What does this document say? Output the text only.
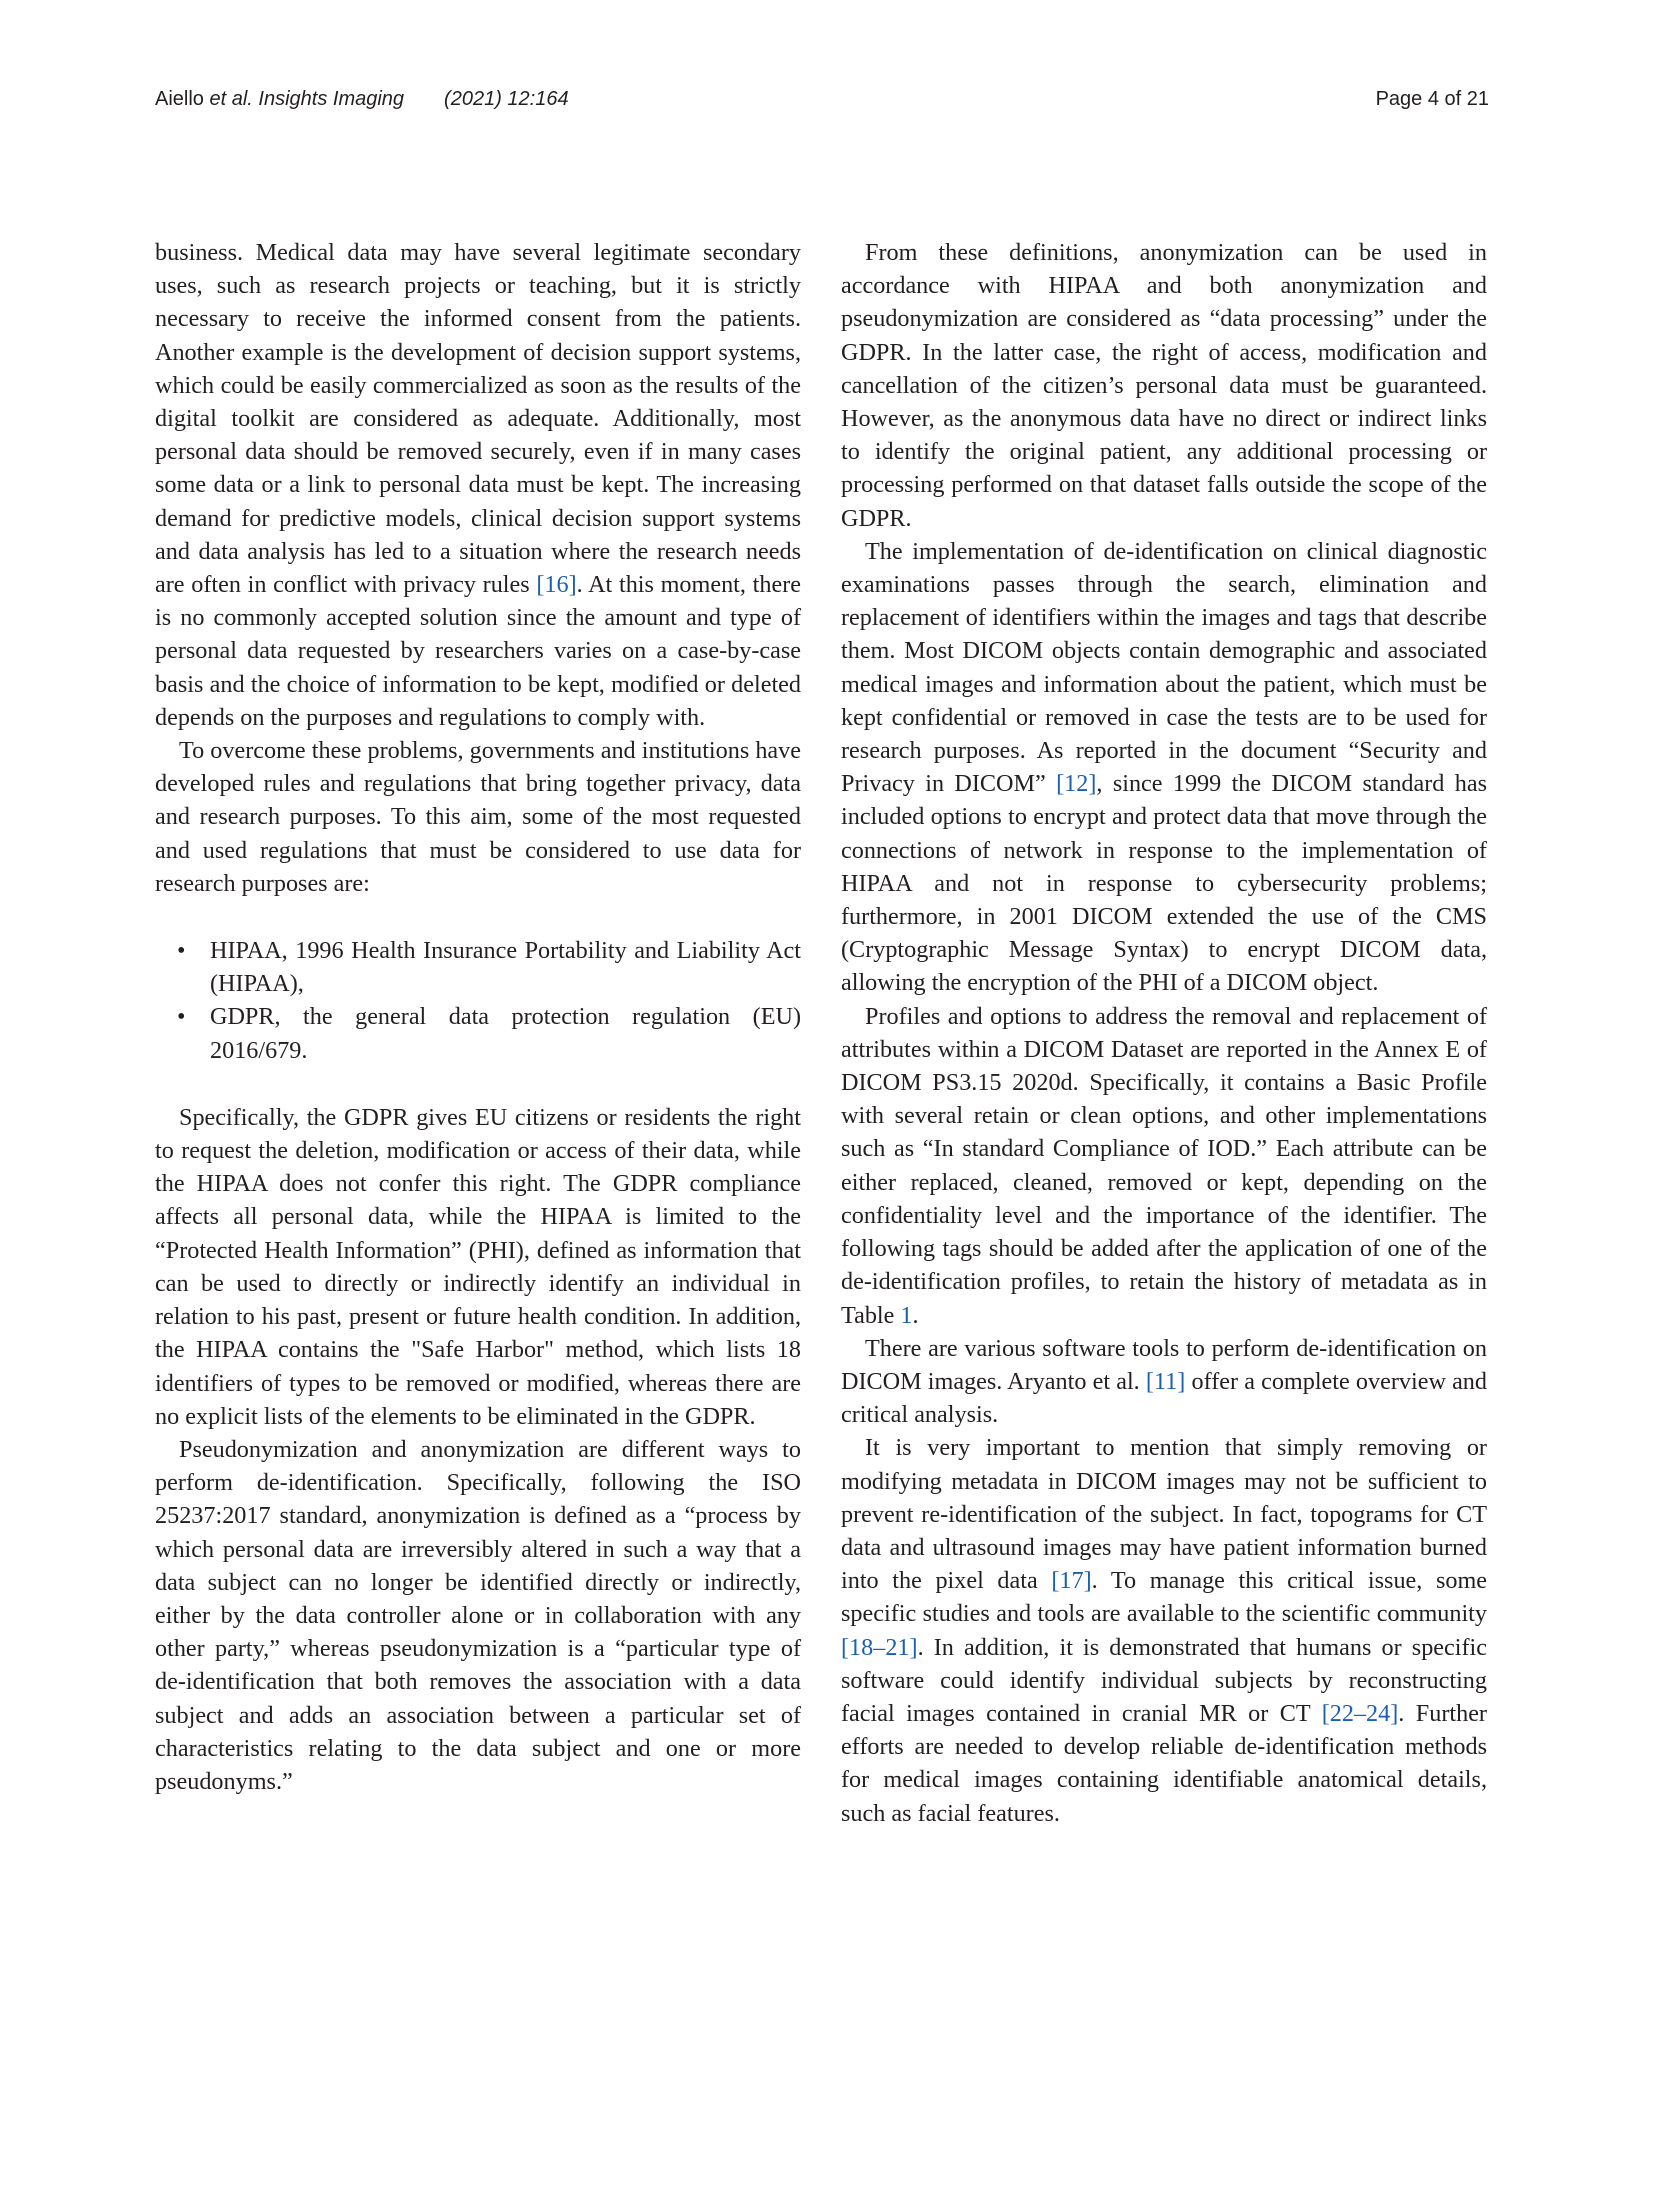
Aiello et al. Insights Imaging (2021) 12:164	Page 4 of 21

business. Medical data may have several legitimate secondary uses, such as research projects or teaching, but it is strictly necessary to receive the informed consent from the patients. Another example is the development of decision support systems, which could be easily commercialized as soon as the results of the digital toolkit are considered as adequate. Additionally, most personal data should be removed securely, even if in many cases some data or a link to personal data must be kept. The increasing demand for predictive models, clinical decision support systems and data analysis has led to a situation where the research needs are often in conflict with privacy rules [16]. At this moment, there is no commonly accepted solution since the amount and type of personal data requested by researchers varies on a case-by-case basis and the choice of information to be kept, modified or deleted depends on the purposes and regulations to comply with.

To overcome these problems, governments and institutions have developed rules and regulations that bring together privacy, data and research purposes. To this aim, some of the most requested and used regulations that must be considered to use data for research purposes are:

• HIPAA, 1996 Health Insurance Portability and Liability Act (HIPAA),
• GDPR, the general data protection regulation (EU) 2016/679.

Specifically, the GDPR gives EU citizens or residents the right to request the deletion, modification or access of their data, while the HIPAA does not confer this right. The GDPR compliance affects all personal data, while the HIPAA is limited to the “Protected Health Information” (PHI), defined as information that can be used to directly or indirectly identify an individual in relation to his past, present or future health condition. In addition, the HIPAA contains the "Safe Harbor" method, which lists 18 identifiers of types to be removed or modified, whereas there are no explicit lists of the elements to be eliminated in the GDPR.

Pseudonymization and anonymization are different ways to perform de-identification. Specifically, following the ISO 25237:2017 standard, anonymization is defined as a “process by which personal data are irreversibly altered in such a way that a data subject can no longer be identified directly or indirectly, either by the data controller alone or in collaboration with any other party,” whereas pseudonymization is a “particular type of de-identification that both removes the association with a data subject and adds an association between a particular set of characteristics relating to the data subject and one or more pseudonyms.”

From these definitions, anonymization can be used in accordance with HIPAA and both anonymization and pseudonymization are considered as “data processing” under the GDPR. In the latter case, the right of access, modification and cancellation of the citizen’s personal data must be guaranteed. However, as the anonymous data have no direct or indirect links to identify the original patient, any additional processing or processing performed on that dataset falls outside the scope of the GDPR.

The implementation of de-identification on clinical diagnostic examinations passes through the search, elimination and replacement of identifiers within the images and tags that describe them. Most DICOM objects contain demographic and associated medical images and information about the patient, which must be kept confidential or removed in case the tests are to be used for research purposes. As reported in the document “Security and Privacy in DICOM” [12], since 1999 the DICOM standard has included options to encrypt and protect data that move through the connections of network in response to the implementation of HIPAA and not in response to cybersecurity problems; furthermore, in 2001 DICOM extended the use of the CMS (Cryptographic Message Syntax) to encrypt DICOM data, allowing the encryption of the PHI of a DICOM object.

Profiles and options to address the removal and replacement of attributes within a DICOM Dataset are reported in the Annex E of DICOM PS3.15 2020d. Specifically, it contains a Basic Profile with several retain or clean options, and other implementations such as “In standard Compliance of IOD.” Each attribute can be either replaced, cleaned, removed or kept, depending on the confidentiality level and the importance of the identifier. The following tags should be added after the application of one of the de-identification profiles, to retain the history of metadata as in Table 1.

There are various software tools to perform de-identification on DICOM images. Aryanto et al. [11] offer a complete overview and critical analysis.

It is very important to mention that simply removing or modifying metadata in DICOM images may not be sufficient to prevent re-identification of the subject. In fact, topograms for CT data and ultrasound images may have patient information burned into the pixel data [17]. To manage this critical issue, some specific studies and tools are available to the scientific community [18–21]. In addition, it is demonstrated that humans or specific software could identify individual subjects by reconstructing facial images contained in cranial MR or CT [22–24]. Further efforts are needed to develop reliable de-identification methods for medical images containing identifiable anatomical details, such as facial features.
